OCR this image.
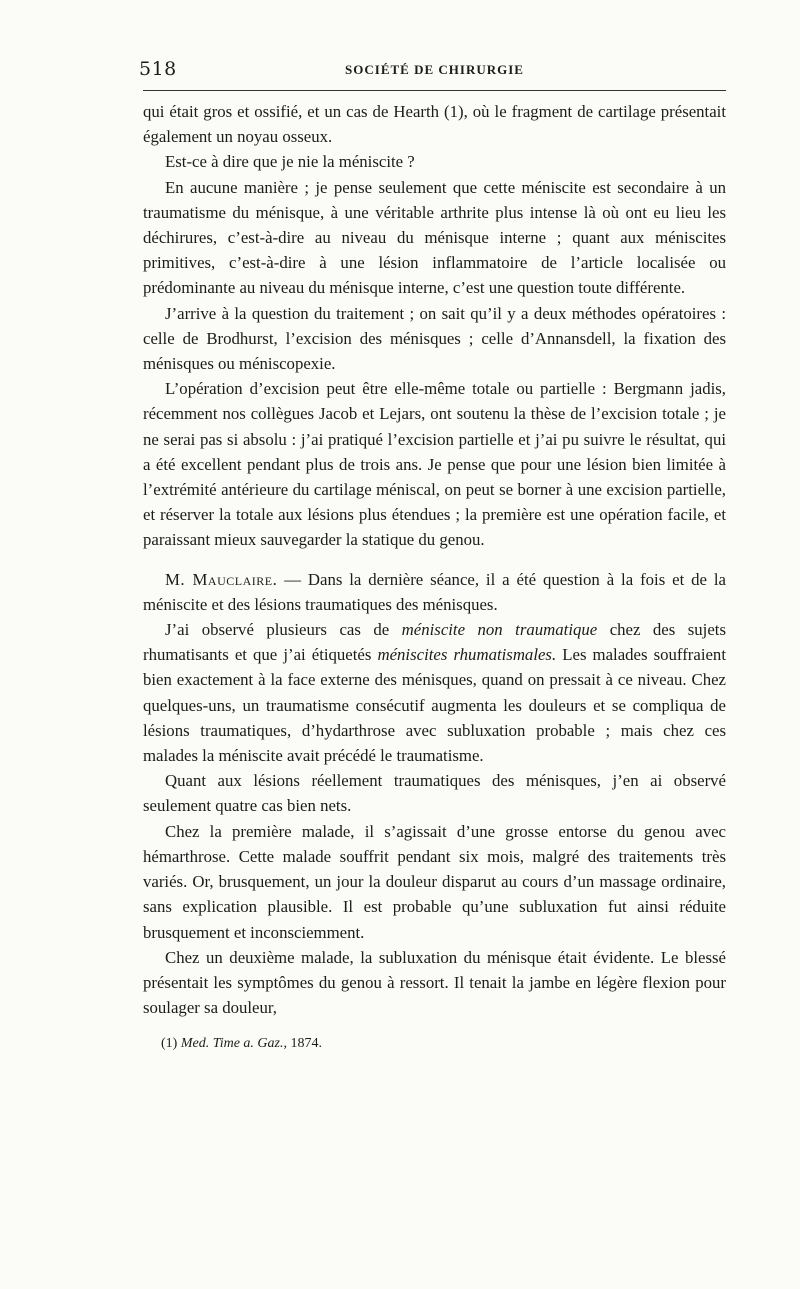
518	SOCIÉTÉ DE CHIRURGIE

qui était gros et ossifié, et un cas de Hearth (1), où le fragment de cartilage présentait également un noyau osseux.

Est-ce à dire que je nie la méniscite ?

En aucune manière ; je pense seulement que cette méniscite est secondaire à un traumatisme du ménisque, à une véritable arthrite plus intense là où ont eu lieu les déchirures, c’est-à-dire au niveau du ménisque interne ; quant aux méniscites primitives, c’est-à-dire à une lésion inflammatoire de l’article localisée ou prédominante au niveau du ménisque interne, c’est une question toute différente.

J’arrive à la question du traitement ; on sait qu’il y a deux méthodes opératoires : celle de Brodhurst, l’excision des ménisques ; celle d’Annansdell, la fixation des ménisques ou méniscopexie.

L’opération d’excision peut être elle-même totale ou partielle : Bergmann jadis, récemment nos collègues Jacob et Lejars, ont soutenu la thèse de l’excision totale ; je ne serai pas si absolu : j’ai pratiqué l’excision partielle et j’ai pu suivre le résultat, qui a été excellent pendant plus de trois ans. Je pense que pour une lésion bien limitée à l’extrémité antérieure du cartilage méniscal, on peut se borner à une excision partielle, et réserver la totale aux lésions plus étendues ; la première est une opération facile, et paraissant mieux sauvegarder la statique du genou.

M. Mauclaire. — Dans la dernière séance, il a été question à la fois et de la méniscite et des lésions traumatiques des ménisques.

J’ai observé plusieurs cas de méniscite non traumatique chez des sujets rhumatisants et que j’ai étiquetés méniscites rhumatismales. Les malades souffraient bien exactement à la face externe des ménisques, quand on pressait à ce niveau. Chez quelques-uns, un traumatisme consécutif augmenta les douleurs et se compliqua de lésions traumatiques, d’hydarthrose avec subluxation probable ; mais chez ces malades la méniscite avait précédé le traumatisme.

Quant aux lésions réellement traumatiques des ménisques, j’en ai observé seulement quatre cas bien nets.

Chez la première malade, il s’agissait d’une grosse entorse du genou avec hémarthrose. Cette malade souffrit pendant six mois, malgré des traitements très variés. Or, brusquement, un jour la douleur disparut au cours d’un massage ordinaire, sans explication plausible. Il est probable qu’une subluxation fut ainsi réduite brusquement et inconsciemment.

Chez un deuxième malade, la subluxation du ménisque était évidente. Le blessé présentait les symptômes du genou à ressort. Il tenait la jambe en légère flexion pour soulager sa douleur,

(1) Med. Time a. Gaz., 1874.
